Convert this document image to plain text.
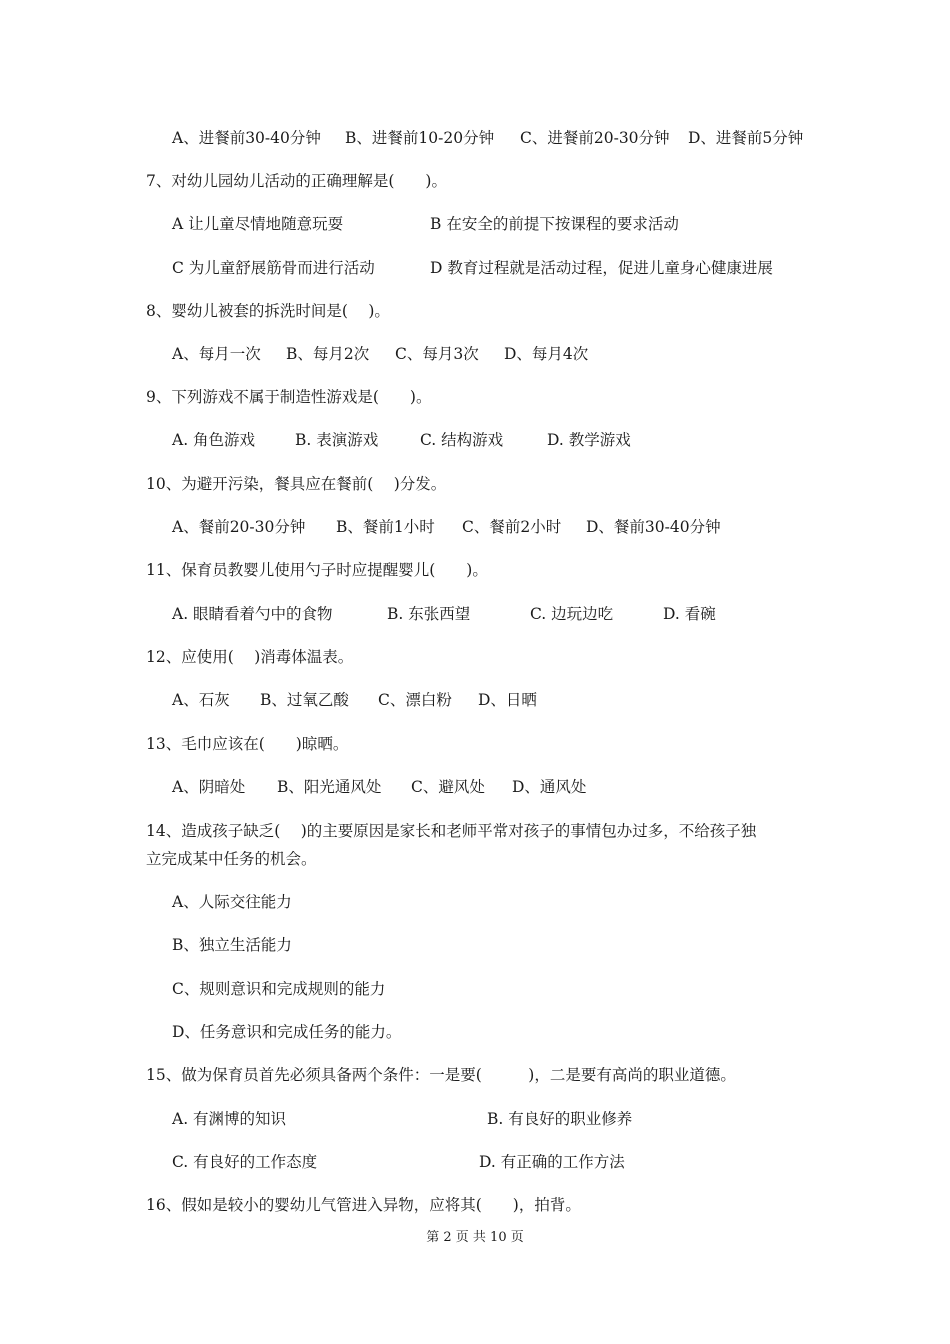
A、进餐前30-40分钟 B、进餐前10-20分钟 C、进餐前20-30分钟 D、进餐前5分钟
7、对幼儿园幼儿活动的正确理解是(　　)。
A 让儿童尽情地随意玩耍	B 在安全的前提下按课程的要求活动
C 为儿童舒展筋骨而进行活动	D 教育过程就是活动过程，促进儿童身心健康进展
8、婴幼儿被套的拆洗时间是(　 )。
A、每月一次 B、每月2次 C、每月3次 D、每月4次
9、下列游戏不属于制造性游戏是(　　)。
A. 角色游戏	B. 表演游戏	C. 结构游戏	D. 教学游戏
10、为避开污染，餐具应在餐前(　 )分发。
A、餐前20-30分钟 B、餐前1小时 C、餐前2小时 D、餐前30-40分钟
11、保育员教婴儿使用勺子时应提醒婴儿(　　)。
A. 眼睛看着勺中的食物	B. 东张西望	C. 边玩边吃	D. 看碗
12、应使用(　 )消毒体温表。
A、石灰 B、过氧乙酸 C、漂白粉 D、日晒
13、毛巾应该在(　　)晾晒。
A、阴暗处 B、阳光通风处 C、避风处 D、通风处
14、造成孩子缺乏(　 )的主要原因是家长和老师平常对孩子的事情包办过多，不给孩子独
立完成某中任务的机会。
A、人际交往能力
B、独立生活能力
C、规则意识和完成规则的能力
D、任务意识和完成任务的能力。
15、做为保育员首先必须具备两个条件：一是要(　　　)，二是要有高尚的职业道德。
A. 有渊博的知识	B. 有良好的职业修养
C. 有良好的工作态度	D. 有正确的工作方法
16、假如是较小的婴幼儿气管进入异物，应将其(　　)，拍背。
第 2 页 共 10 页
